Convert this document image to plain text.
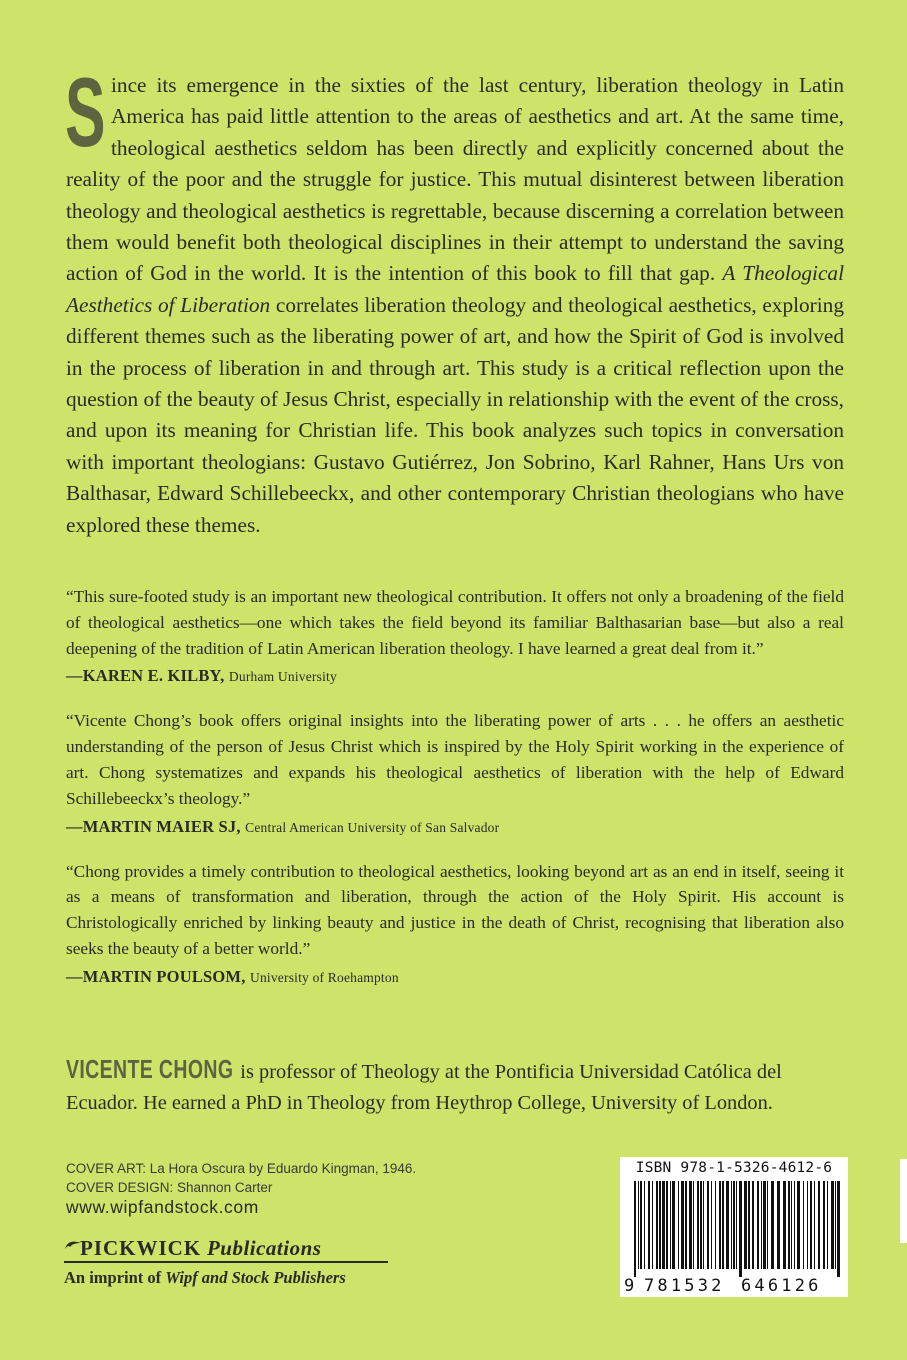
Since its emergence in the sixties of the last century, liberation theology in Latin America has paid little attention to the areas of aesthetics and art. At the same time, theological aesthetics seldom has been directly and explicitly concerned about the reality of the poor and the struggle for justice. This mutual disinterest between liberation theology and theological aesthetics is regrettable, because discerning a correlation between them would benefit both theological disciplines in their attempt to understand the saving action of God in the world. It is the intention of this book to fill that gap. A Theological Aesthetics of Liberation correlates liberation theology and theological aesthetics, exploring different themes such as the liberating power of art, and how the Spirit of God is involved in the process of liberation in and through art. This study is a critical reflection upon the question of the beauty of Jesus Christ, especially in relationship with the event of the cross, and upon its meaning for Christian life. This book analyzes such topics in conversation with important theologians: Gustavo Gutiérrez, Jon Sobrino, Karl Rahner, Hans Urs von Balthasar, Edward Schillebeeckx, and other contemporary Christian theologians who have explored these themes.

“This sure-footed study is an important new theological contribution. It offers not only a broadening of the field of theological aesthetics—one which takes the field beyond its familiar Balthasarian base—but also a real deepening of the tradition of Latin American liberation theology. I have learned a great deal from it.”

—KAREN E. KILBY, Durham University

“Vicente Chong’s book offers original insights into the liberating power of arts . . . he offers an aesthetic understanding of the person of Jesus Christ which is inspired by the Holy Spirit working in the experience of art. Chong systematizes and expands his theological aesthetics of liberation with the help of Edward Schillebeeckx’s theology.”

—MARTIN MAIER SJ, Central American University of San Salvador

“Chong provides a timely contribution to theological aesthetics, looking beyond art as an end in itself, seeing it as a means of transformation and liberation, through the action of the Holy Spirit. His account is Christologically enriched by linking beauty and justice in the death of Christ, recognising that liberation also seeks the beauty of a better world.”

—MARTIN POULSOM, University of Roehampton
VICENTE CHONG is professor of Theology at the Pontificia Universidad Católica del Ecuador. He earned a PhD in Theology from Heythrop College, University of London.
COVER ART: La Hora Oscura by Eduardo Kingman, 1946.
COVER DESIGN: Shannon Carter
www.wipfandstock.com
PICKWICK Publications
An imprint of Wipf and Stock Publishers
ISBN 978-1-5326-4612-6
9 781532 646126
